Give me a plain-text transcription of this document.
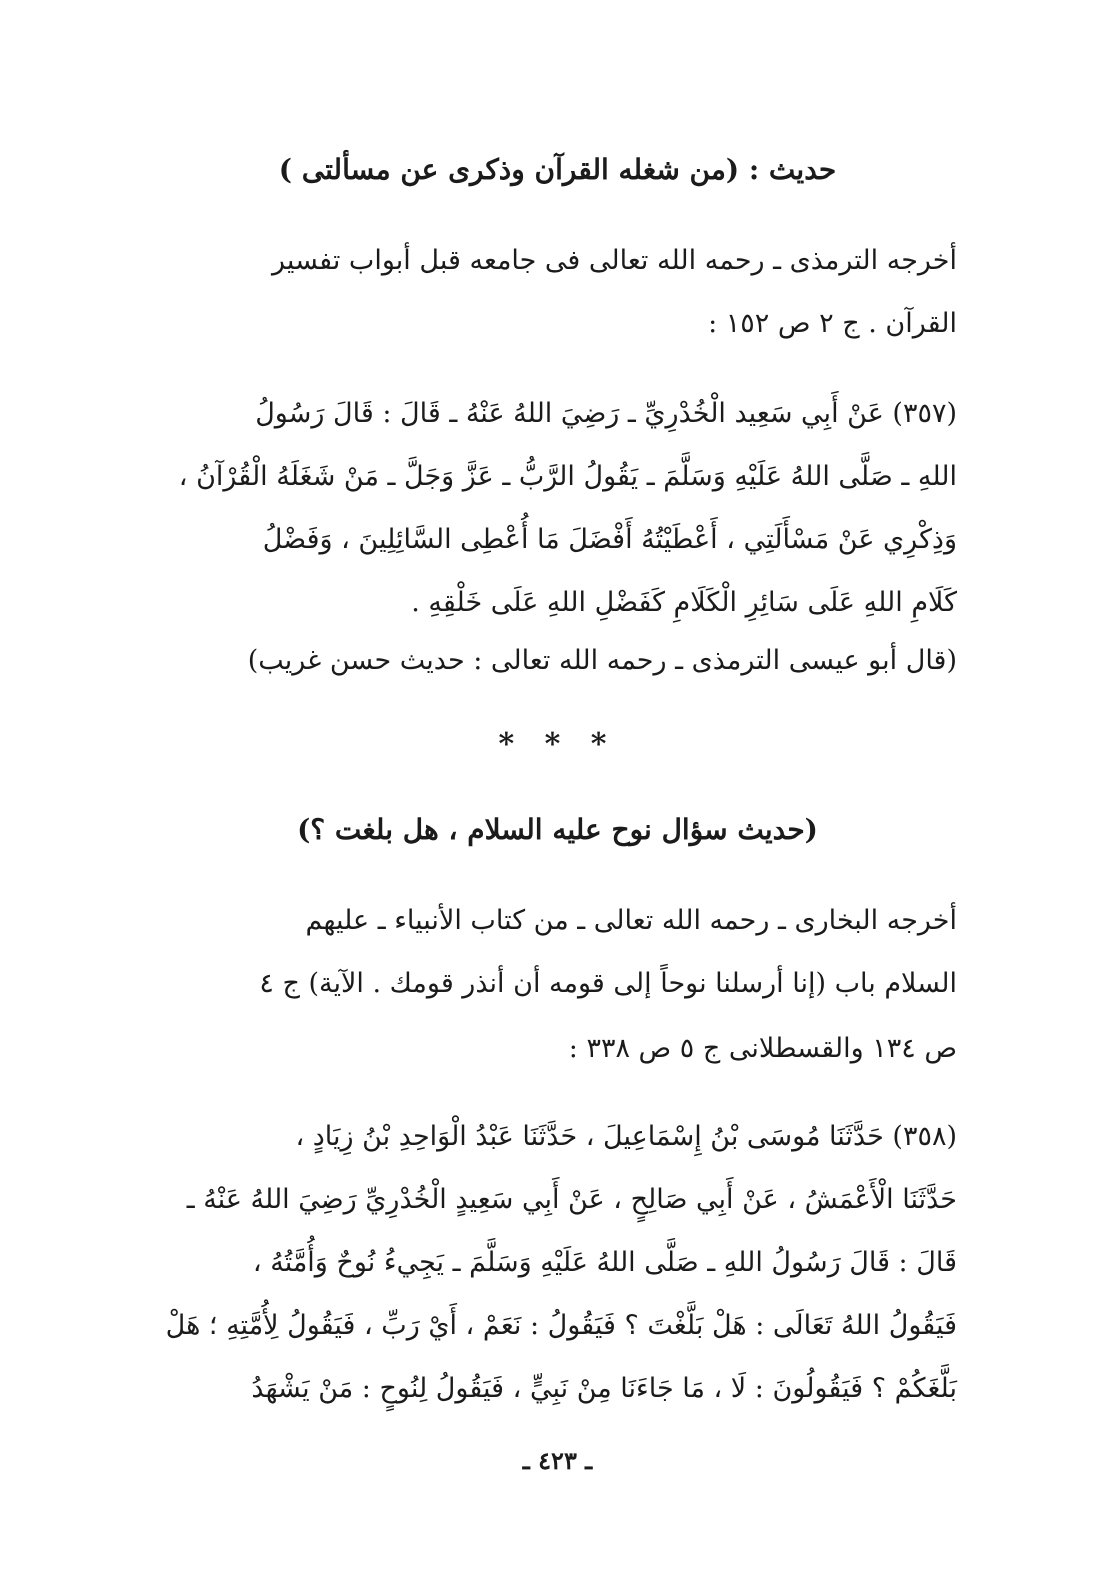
حديث : (من شغله القرآن وذكرى عن مسألتى )
أخرجه الترمذى ـ رحمه الله تعالى فى جامعه قبل أبواب تفسير
القرآن . ج ٢ ص ١٥٢ :
(٣٥٧) عَنْ أَبِي سَعِيد الْخُدْرِيِّ ـ رَضِيَ اللهُ عَنْهُ ـ قَالَ : قَالَ رَسُولُ
اللهِ ـ صَلَّى اللهُ عَلَيْهِ وَسَلَّمَ ـ يَقُولُ الرَّبُّ ـ عَزَّ وَجَلَّ ـ مَنْ شَغَلَهُ الْقُرْآنُ ،
وَذِكْرِي عَنْ مَسْأَلَتِي ، أَعْطَيْتُهُ أَفْضَلَ مَا أُعْطِى السَّائِلِينَ ، وَفَضْلُ
كَلَامِ اللهِ عَلَى سَائِرِ الْكَلَامِ كَفَضْلِ اللهِ عَلَى خَلْقِهِ .
(قال أبو عيسى الترمذى ـ رحمه الله تعالى : حديث حسن غريب)
* * *
(حديث سؤال نوح عليه السلام ، هل بلغت ؟)
أخرجه البخارى ـ رحمه الله تعالى ـ من كتاب الأنبياء ـ عليهم
السلام باب (إنا أرسلنا نوحاً إلى قومه أن أنذر قومك . الآية) ج ٤
ص ١٣٤ والقسطلانى ج ٥ ص ٣٣٨ :
(٣٥٨) حَدَّثَنَا مُوسَى بْنُ إِسْمَاعِيلَ ، حَدَّثَنَا عَبْدُ الْوَاحِدِ بْنُ زِيَادٍ ،
حَدَّثَنَا الْأَعْمَشُ ، عَنْ أَبِي صَالِحٍ ، عَنْ أَبِي سَعِيدٍ الْخُدْرِيِّ رَضِيَ اللهُ عَنْهُ ـ
قَالَ : قَالَ رَسُولُ اللهِ ـ صَلَّى اللهُ عَلَيْهِ وَسَلَّمَ ـ يَجِيءُ نُوحٌ وَأُمَّتُهُ ،
فَيَقُولُ اللهُ تَعَالَى : هَلْ بَلَّغْتَ ؟ فَيَقُولُ : نَعَمْ ، أَيْ رَبِّ ، فَيَقُولُ لِأُمَّتِهِ ؛ هَلْ
بَلَّغَكُمْ ؟ فَيَقُولُونَ : لَا ، مَا جَاءَنَا مِنْ نَبِيٍّ ، فَيَقُولُ لِنُوحٍ : مَنْ يَشْهَدُ
ـ ٤٢٣ ـ
